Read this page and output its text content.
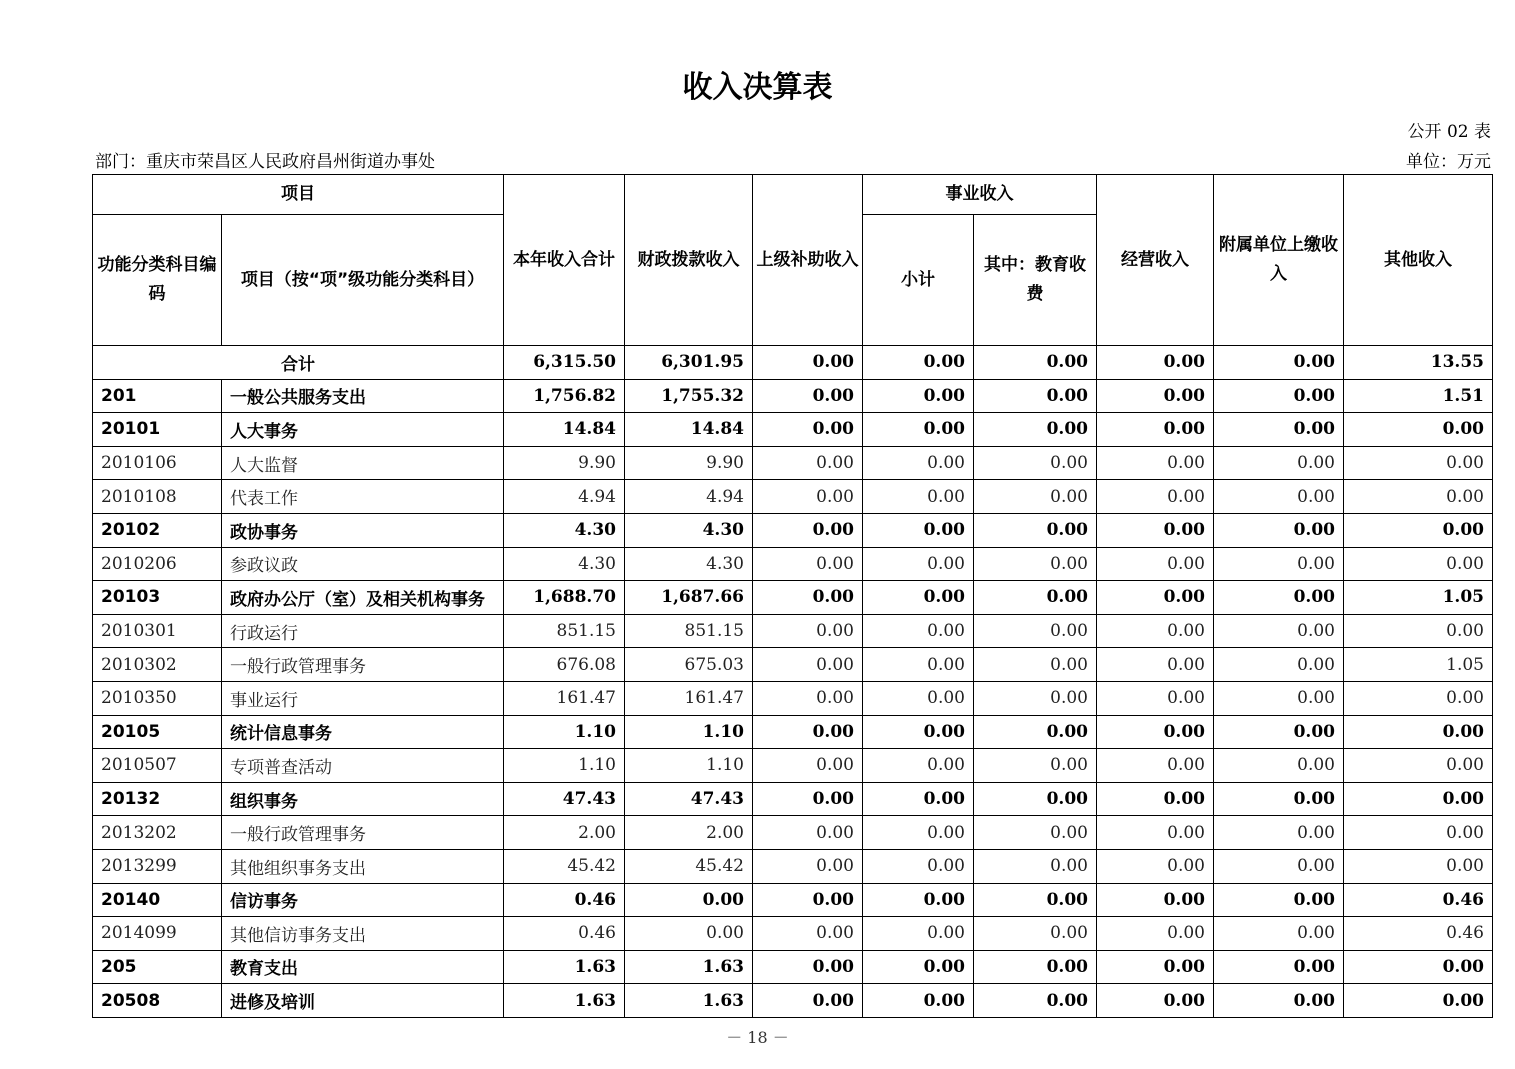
收入决算表
公开 02 表
部门：重庆市荣昌区人民政府昌州街道办事处	单位：万元
项目		本年收入合计	财政拨款收入	上级补助收入	事业收入		经营收入	附属单位上缴收入	其他收入
功能分类科目编码	项目（按“项”级功能分类科目）				小计	其中：教育收费			
合计		6,315.50	6,301.95	0.00	0.00	0.00	0.00	0.00	13.55
201	一般公共服务支出	1,756.82	1,755.32	0.00	0.00	0.00	0.00	0.00	1.51
20101	人大事务	14.84	14.84	0.00	0.00	0.00	0.00	0.00	0.00
2010106	人大监督	9.90	9.90	0.00	0.00	0.00	0.00	0.00	0.00
2010108	代表工作	4.94	4.94	0.00	0.00	0.00	0.00	0.00	0.00
20102	政协事务	4.30	4.30	0.00	0.00	0.00	0.00	0.00	0.00
2010206	参政议政	4.30	4.30	0.00	0.00	0.00	0.00	0.00	0.00
20103	政府办公厅（室）及相关机构事务	1,688.70	1,687.66	0.00	0.00	0.00	0.00	0.00	1.05
2010301	行政运行	851.15	851.15	0.00	0.00	0.00	0.00	0.00	0.00
2010302	一般行政管理事务	676.08	675.03	0.00	0.00	0.00	0.00	0.00	1.05
2010350	事业运行	161.47	161.47	0.00	0.00	0.00	0.00	0.00	0.00
20105	统计信息事务	1.10	1.10	0.00	0.00	0.00	0.00	0.00	0.00
2010507	专项普查活动	1.10	1.10	0.00	0.00	0.00	0.00	0.00	0.00
20132	组织事务	47.43	47.43	0.00	0.00	0.00	0.00	0.00	0.00
2013202	一般行政管理事务	2.00	2.00	0.00	0.00	0.00	0.00	0.00	0.00
2013299	其他组织事务支出	45.42	45.42	0.00	0.00	0.00	0.00	0.00	0.00
20140	信访事务	0.46	0.00	0.00	0.00	0.00	0.00	0.00	0.46
2014099	其他信访事务支出	0.46	0.00	0.00	0.00	0.00	0.00	0.00	0.46
205	教育支出	1.63	1.63	0.00	0.00	0.00	0.00	0.00	0.00
20508	进修及培训	1.63	1.63	0.00	0.00	0.00	0.00	0.00	0.00
－ 18 －
